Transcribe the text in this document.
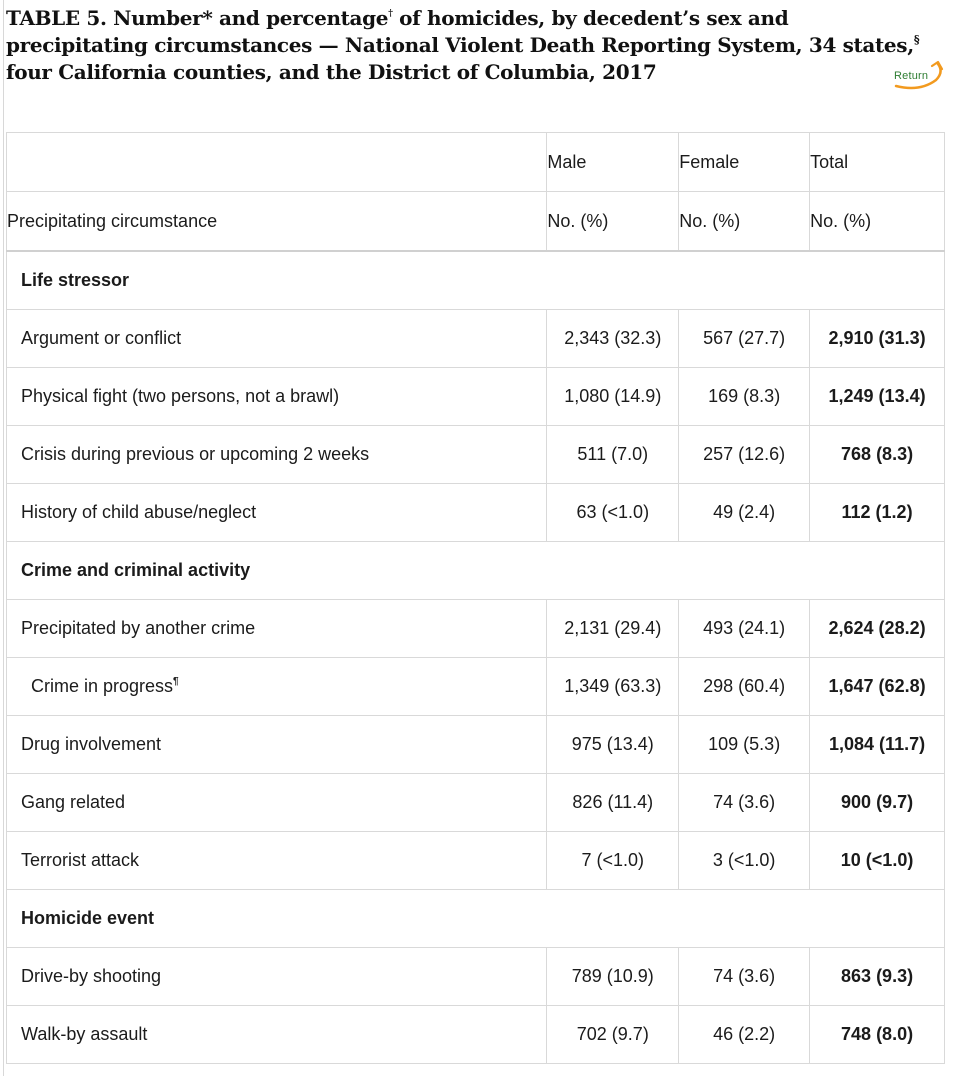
TABLE 5. Number* and percentage† of homicides, by decedent’s sex and precipitating circumstances — National Violent Death Reporting System, 34 states,§ four California counties, and the District of Columbia, 2017	Return
	Male	Female	Total
Precipitating circumstance	No. (%)	No. (%)	No. (%)
Life stressor			
Argument or conflict	2,343 (32.3)	567 (27.7)	2,910 (31.3)
Physical fight (two persons, not a brawl)	1,080 (14.9)	169 (8.3)	1,249 (13.4)
Crisis during previous or upcoming 2 weeks	511 (7.0)	257 (12.6)	768 (8.3)
History of child abuse/neglect	63 (<1.0)	49 (2.4)	112 (1.2)
Crime and criminal activity			
Precipitated by another crime	2,131 (29.4)	493 (24.1)	2,624 (28.2)
Crime in progress¶	1,349 (63.3)	298 (60.4)	1,647 (62.8)
Drug involvement	975 (13.4)	109 (5.3)	1,084 (11.7)
Gang related	826 (11.4)	74 (3.6)	900 (9.7)
Terrorist attack	7 (<1.0)	3 (<1.0)	10 (<1.0)
Homicide event			
Drive-by shooting	789 (10.9)	74 (3.6)	863 (9.3)
Walk-by assault	702 (9.7)	46 (2.2)	748 (8.0)
